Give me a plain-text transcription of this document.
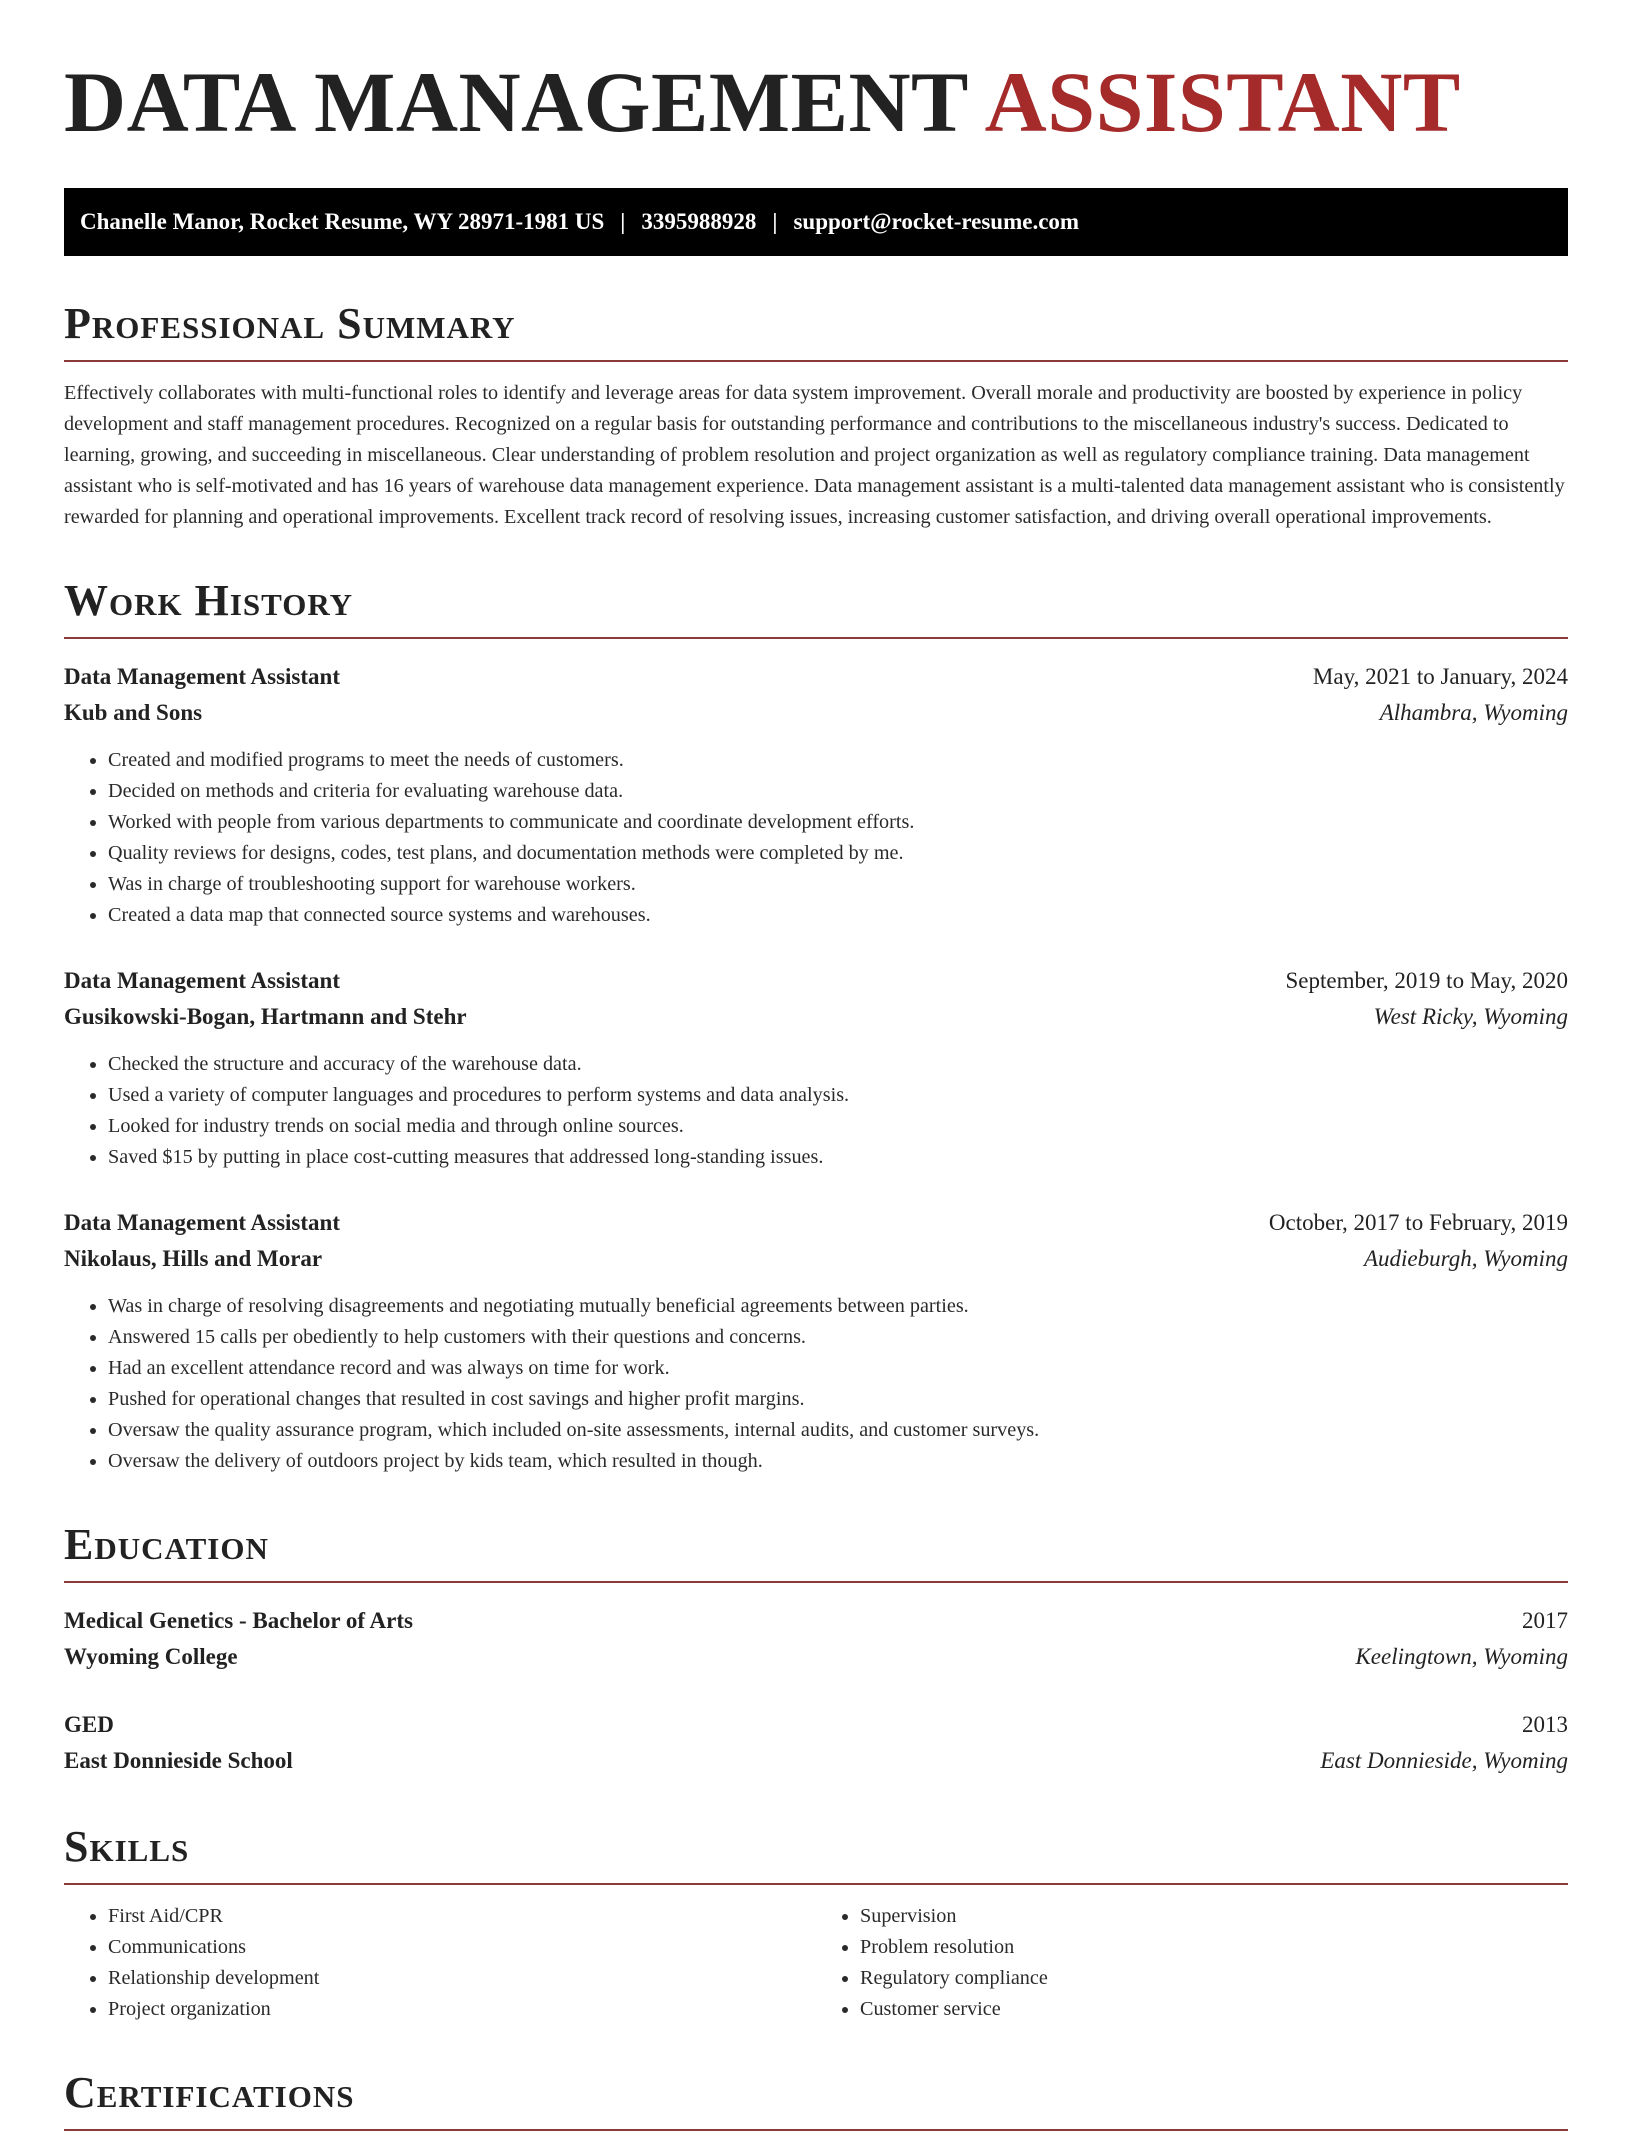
DATA MANAGEMENT ASSISTANT
Chanelle Manor, Rocket Resume, WY 28971-1981 US | 3395988928 | support@rocket-resume.com
Professional Summary
Effectively collaborates with multi-functional roles to identify and leverage areas for data system improvement. Overall morale and productivity are boosted by experience in policy development and staff management procedures. Recognized on a regular basis for outstanding performance and contributions to the miscellaneous industry's success. Dedicated to learning, growing, and succeeding in miscellaneous. Clear understanding of problem resolution and project organization as well as regulatory compliance training. Data management assistant who is self-motivated and has 16 years of warehouse data management experience. Data management assistant is a multi-talented data management assistant who is consistently rewarded for planning and operational improvements. Excellent track record of resolving issues, increasing customer satisfaction, and driving overall operational improvements.
Work History
Data Management Assistant	May, 2021 to January, 2024
Kub and Sons	Alhambra, Wyoming
• Created and modified programs to meet the needs of customers.
• Decided on methods and criteria for evaluating warehouse data.
• Worked with people from various departments to communicate and coordinate development efforts.
• Quality reviews for designs, codes, test plans, and documentation methods were completed by me.
• Was in charge of troubleshooting support for warehouse workers.
• Created a data map that connected source systems and warehouses.
Data Management Assistant	September, 2019 to May, 2020
Gusikowski-Bogan, Hartmann and Stehr	West Ricky, Wyoming
• Checked the structure and accuracy of the warehouse data.
• Used a variety of computer languages and procedures to perform systems and data analysis.
• Looked for industry trends on social media and through online sources.
• Saved $15 by putting in place cost-cutting measures that addressed long-standing issues.
Data Management Assistant	October, 2017 to February, 2019
Nikolaus, Hills and Morar	Audieburgh, Wyoming
• Was in charge of resolving disagreements and negotiating mutually beneficial agreements between parties.
• Answered 15 calls per obediently to help customers with their questions and concerns.
• Had an excellent attendance record and was always on time for work.
• Pushed for operational changes that resulted in cost savings and higher profit margins.
• Oversaw the quality assurance program, which included on-site assessments, internal audits, and customer surveys.
• Oversaw the delivery of outdoors project by kids team, which resulted in though.
Education
Medical Genetics - Bachelor of Arts	2017
Wyoming College	Keelingtown, Wyoming
GED	2013
East Donnieside School	East Donnieside, Wyoming
Skills
• First Aid/CPR
• Communications
• Relationship development
• Project organization
• Supervision
• Problem resolution
• Regulatory compliance
• Customer service
Certifications
